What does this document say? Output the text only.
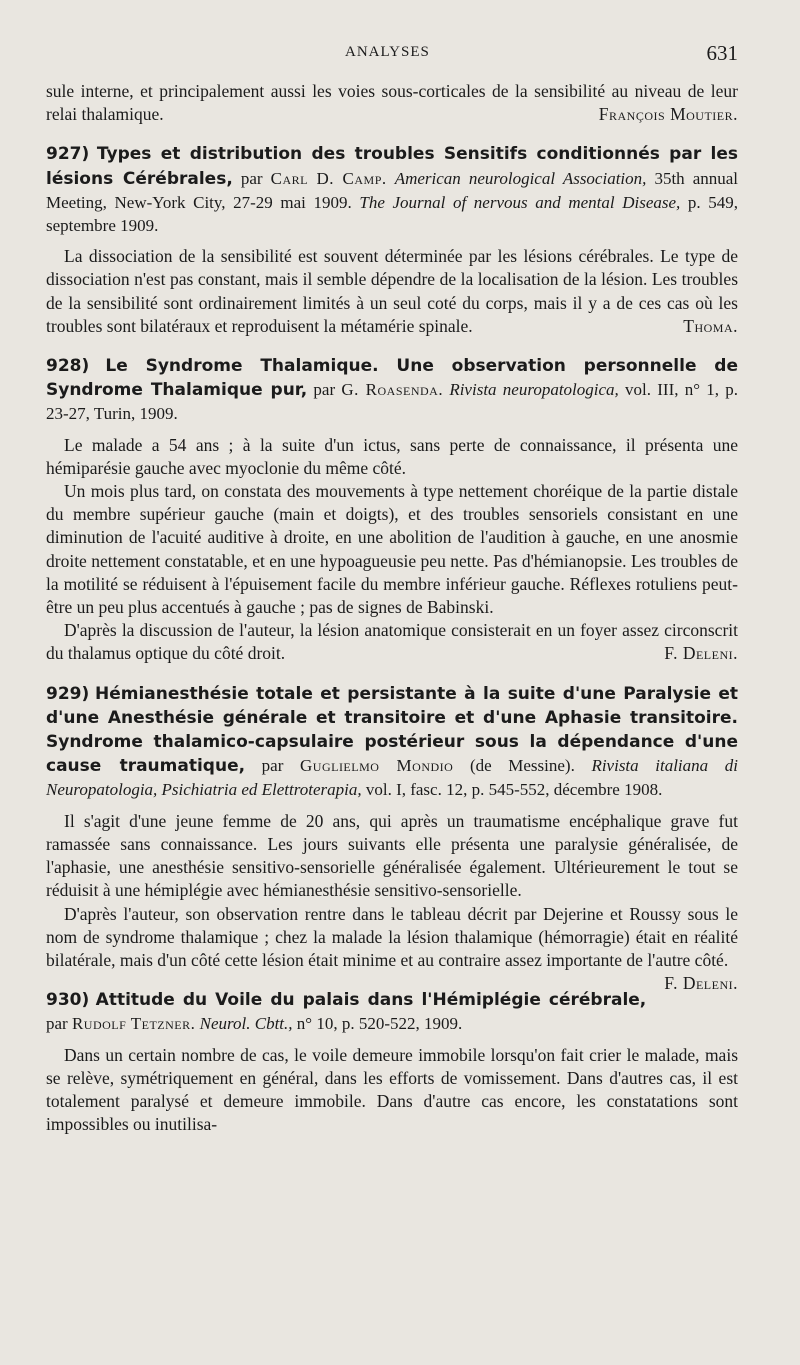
ANALYSES	631

sule interne, et principalement aussi les voies sous-corticales de la sensibilité au niveau de leur relai thalamique.	François Moutier.

927) Types et distribution des troubles Sensitifs conditionnés par les lésions Cérébrales, par Carl D. Camp. American neurological Association, 35th annual Meeting, New-York City, 27-29 mai 1909. The Journal of nervous and mental Disease, p. 549, septembre 1909.

La dissociation de la sensibilité est souvent déterminée par les lésions cérébrales. Le type de dissociation n'est pas constant, mais il semble dépendre de la localisation de la lésion. Les troubles de la sensibilité sont ordinairement limités à un seul coté du corps, mais il y a de ces cas où les troubles sont bilatéraux et reproduisent la métamérie spinale.	Thoma.

928) Le Syndrome Thalamique. Une observation personnelle de Syndrome Thalamique pur, par G. Roasenda. Rivista neuropatologica, vol. III, n° 1, p. 23-27, Turin, 1909.

Le malade a 54 ans ; à la suite d'un ictus, sans perte de connaissance, il présenta une hémiparésie gauche avec myoclonie du même côté.

Un mois plus tard, on constata des mouvements à type nettement choréique de la partie distale du membre supérieur gauche (main et doigts), et des troubles sensoriels consistant en une diminution de l'acuité auditive à droite, en une abolition de l'audition à gauche, en une anosmie droite nettement constatable, et en une hypoagueusie peu nette. Pas d'hémianopsie. Les troubles de la motilité se réduisent à l'épuisement facile du membre inférieur gauche. Réflexes rotuliens peut-être un peu plus accentués à gauche ; pas de signes de Babinski.

D'après la discussion de l'auteur, la lésion anatomique consisterait en un foyer assez circonscrit du thalamus optique du côté droit.	F. Deleni.

929) Hémianesthésie totale et persistante à la suite d'une Paralysie et d'une Anesthésie générale et transitoire et d'une Aphasie transitoire. Syndrome thalamico-capsulaire postérieur sous la dépendance d'une cause traumatique, par Guglielmo Mondio (de Messine). Rivista italiana di Neuropatologia, Psichiatria ed Elettroterapia, vol. I, fasc. 12, p. 545-552, décembre 1908.

Il s'agit d'une jeune femme de 20 ans, qui après un traumatisme encéphalique grave fut ramassée sans connaissance. Les jours suivants elle présenta une paralysie généralisée, de l'aphasie, une anesthésie sensitivo-sensorielle généralisée également. Ultérieurement le tout se réduisit à une hémiplégie avec hémianesthésie sensitivo-sensorielle.

D'après l'auteur, son observation rentre dans le tableau décrit par Dejerine et Roussy sous le nom de syndrome thalamique ; chez la malade la lésion thalamique (hémorragie) était en réalité bilatérale, mais d'un côté cette lésion était minime et au contraire assez importante de l'autre côté.
F. Deleni.

930) Attitude du Voile du palais dans l'Hémiplégie cérébrale, par Rudolf Tetzner. Neurol. Cbtt., n° 10, p. 520-522, 1909.

Dans un certain nombre de cas, le voile demeure immobile lorsqu'on fait crier le malade, mais se relève, symétriquement en général, dans les efforts de vomissement. Dans d'autres cas, il est totalement paralysé et demeure immobile. Dans d'autre cas encore, les constatations sont impossibles ou inutilisa-
